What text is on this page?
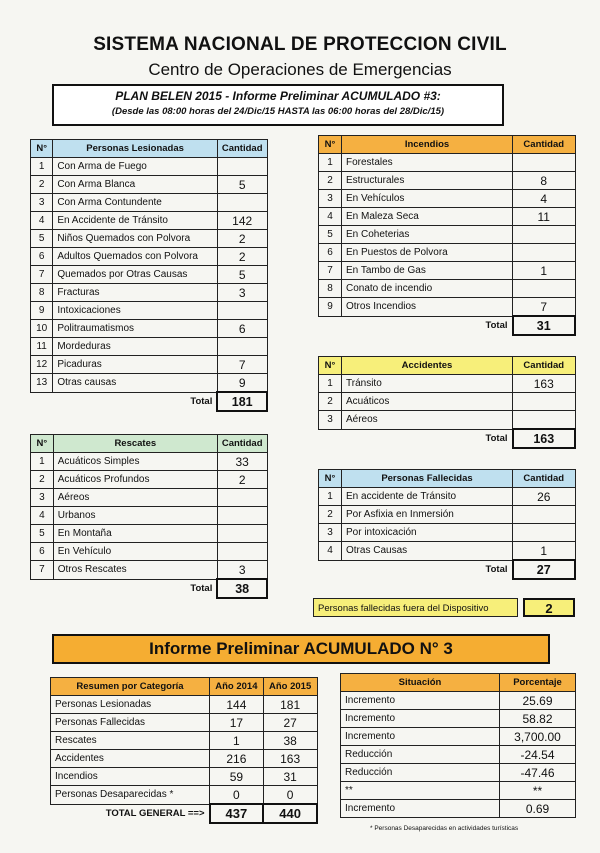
SISTEMA NACIONAL DE PROTECCION CIVIL
Centro de Operaciones de Emergencias
PLAN BELEN 2015 - Informe Preliminar ACUMULADO #3:
(Desde las 08:00 horas del 24/Dic/15 HASTA las 06:00 horas del 28/Dic/15)
N°	Personas Lesionadas	Cantidad
1	Con Arma de Fuego	
2	Con Arma Blanca	5
3	Con Arma Contundente	
4	En Accidente de Tránsito	142
5	Niños Quemados con Polvora	2
6	Adultos Quemados con Polvora	2
7	Quemados por Otras Causas	5
8	Fracturas	3
9	Intoxicaciones	
10	Politraumatismos	6
11	Mordeduras	
12	Picaduras	7
13	Otras causas	9
	Total	181
N°	Rescates	Cantidad
1	Acuáticos Simples	33
2	Acuáticos Profundos	2
3	Aéreos	
4	Urbanos	
5	En Montaña	
6	En Vehículo	
7	Otros Rescates	3
	Total	38
N°	Incendios	Cantidad
1	Forestales	
2	Estructurales	8
3	En Vehículos	4
4	En Maleza Seca	11
5	En Coheterias	
6	En Puestos de Polvora	
7	En Tambo de Gas	1
8	Conato de incendio	
9	Otros Incendios	7
	Total	31
N°	Accidentes	Cantidad
1	Tránsito	163
2	Acuáticos	
3	Aéreos	
	Total	163
N°	Personas Fallecidas	Cantidad
1	En accidente de Tránsito	26
2	Por Asfixia en Inmersión	
3	Por intoxicación	
4	Otras Causas	1
	Total	27
Personas fallecidas fuera del Dispositivo	2
Informe Preliminar ACUMULADO N° 3
Resumen por Categoría	Año 2014	Año 2015
Personas Lesionadas	144	181
Personas Fallecidas	17	27
Rescates	1	38
Accidentes	216	163
Incendios	59	31
Personas Desaparecidas *	0	0
TOTAL GENERAL ==>	437	440
Situación	Porcentaje
Incremento	25.69
Incremento	58.82
Incremento	3,700.00
Reducción	-24.54
Reducción	-47.46
**	**
Incremento	0.69
* Personas Desaparecidas en actividades turísticas
